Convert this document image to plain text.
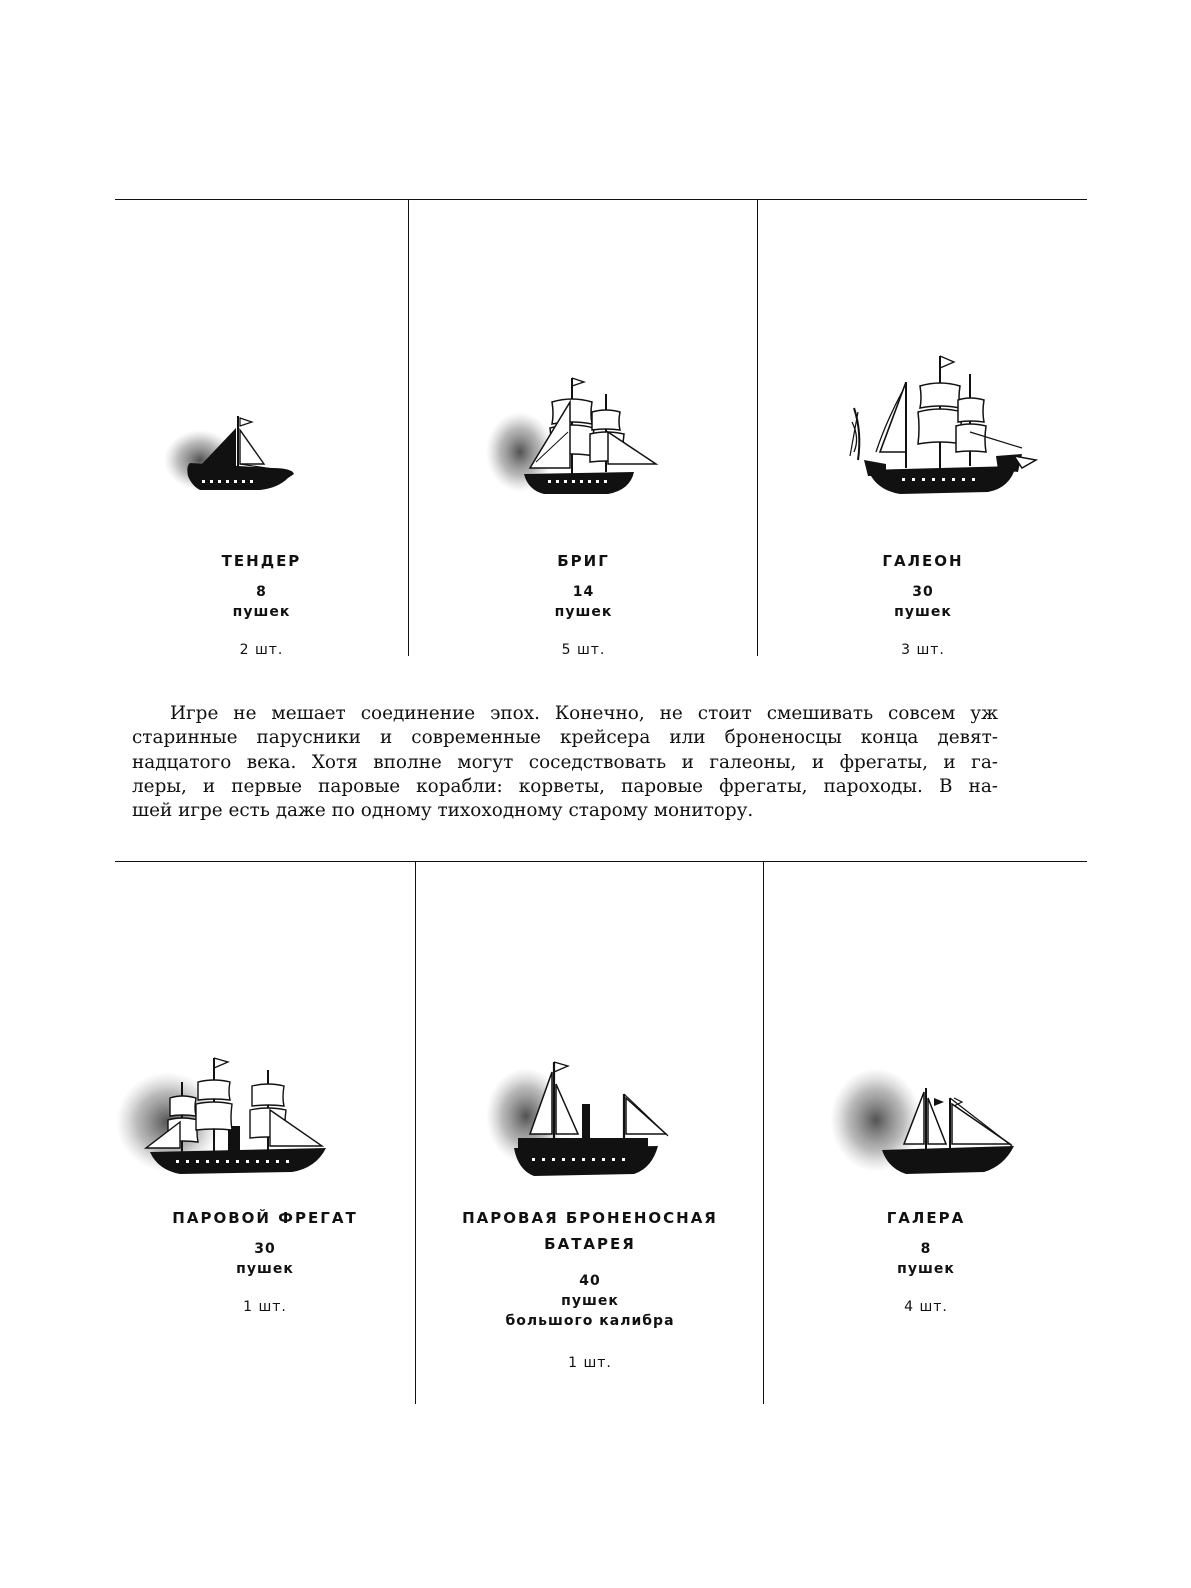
ТЕНДЕР
8
пушек
2 шт.
БРИГ
14
пушек
5 шт.
ГАЛЕОН
30
пушек
3 шт.
Игре не мешает соединение эпох. Конечно, не стоит смешивать совсем уж
старинные парусники и современные крейсера или броненосцы конца девят-
надцатого века. Хотя вполне могут соседствовать и галеоны, и фрегаты, и га-
леры, и первые паровые корабли: корветы, паровые фрегаты, пароходы. В на-
шей игре есть даже по одному тихоходному старому монитору.
ПАРОВОЙ ФРЕГАТ
30
пушек
1 шт.
ПАРОВАЯ БРОНЕНОСНАЯ
БАТАРЕЯ
40
пушек
большого калибра
1 шт.
ГАЛЕРА
8
пушек
4 шт.
